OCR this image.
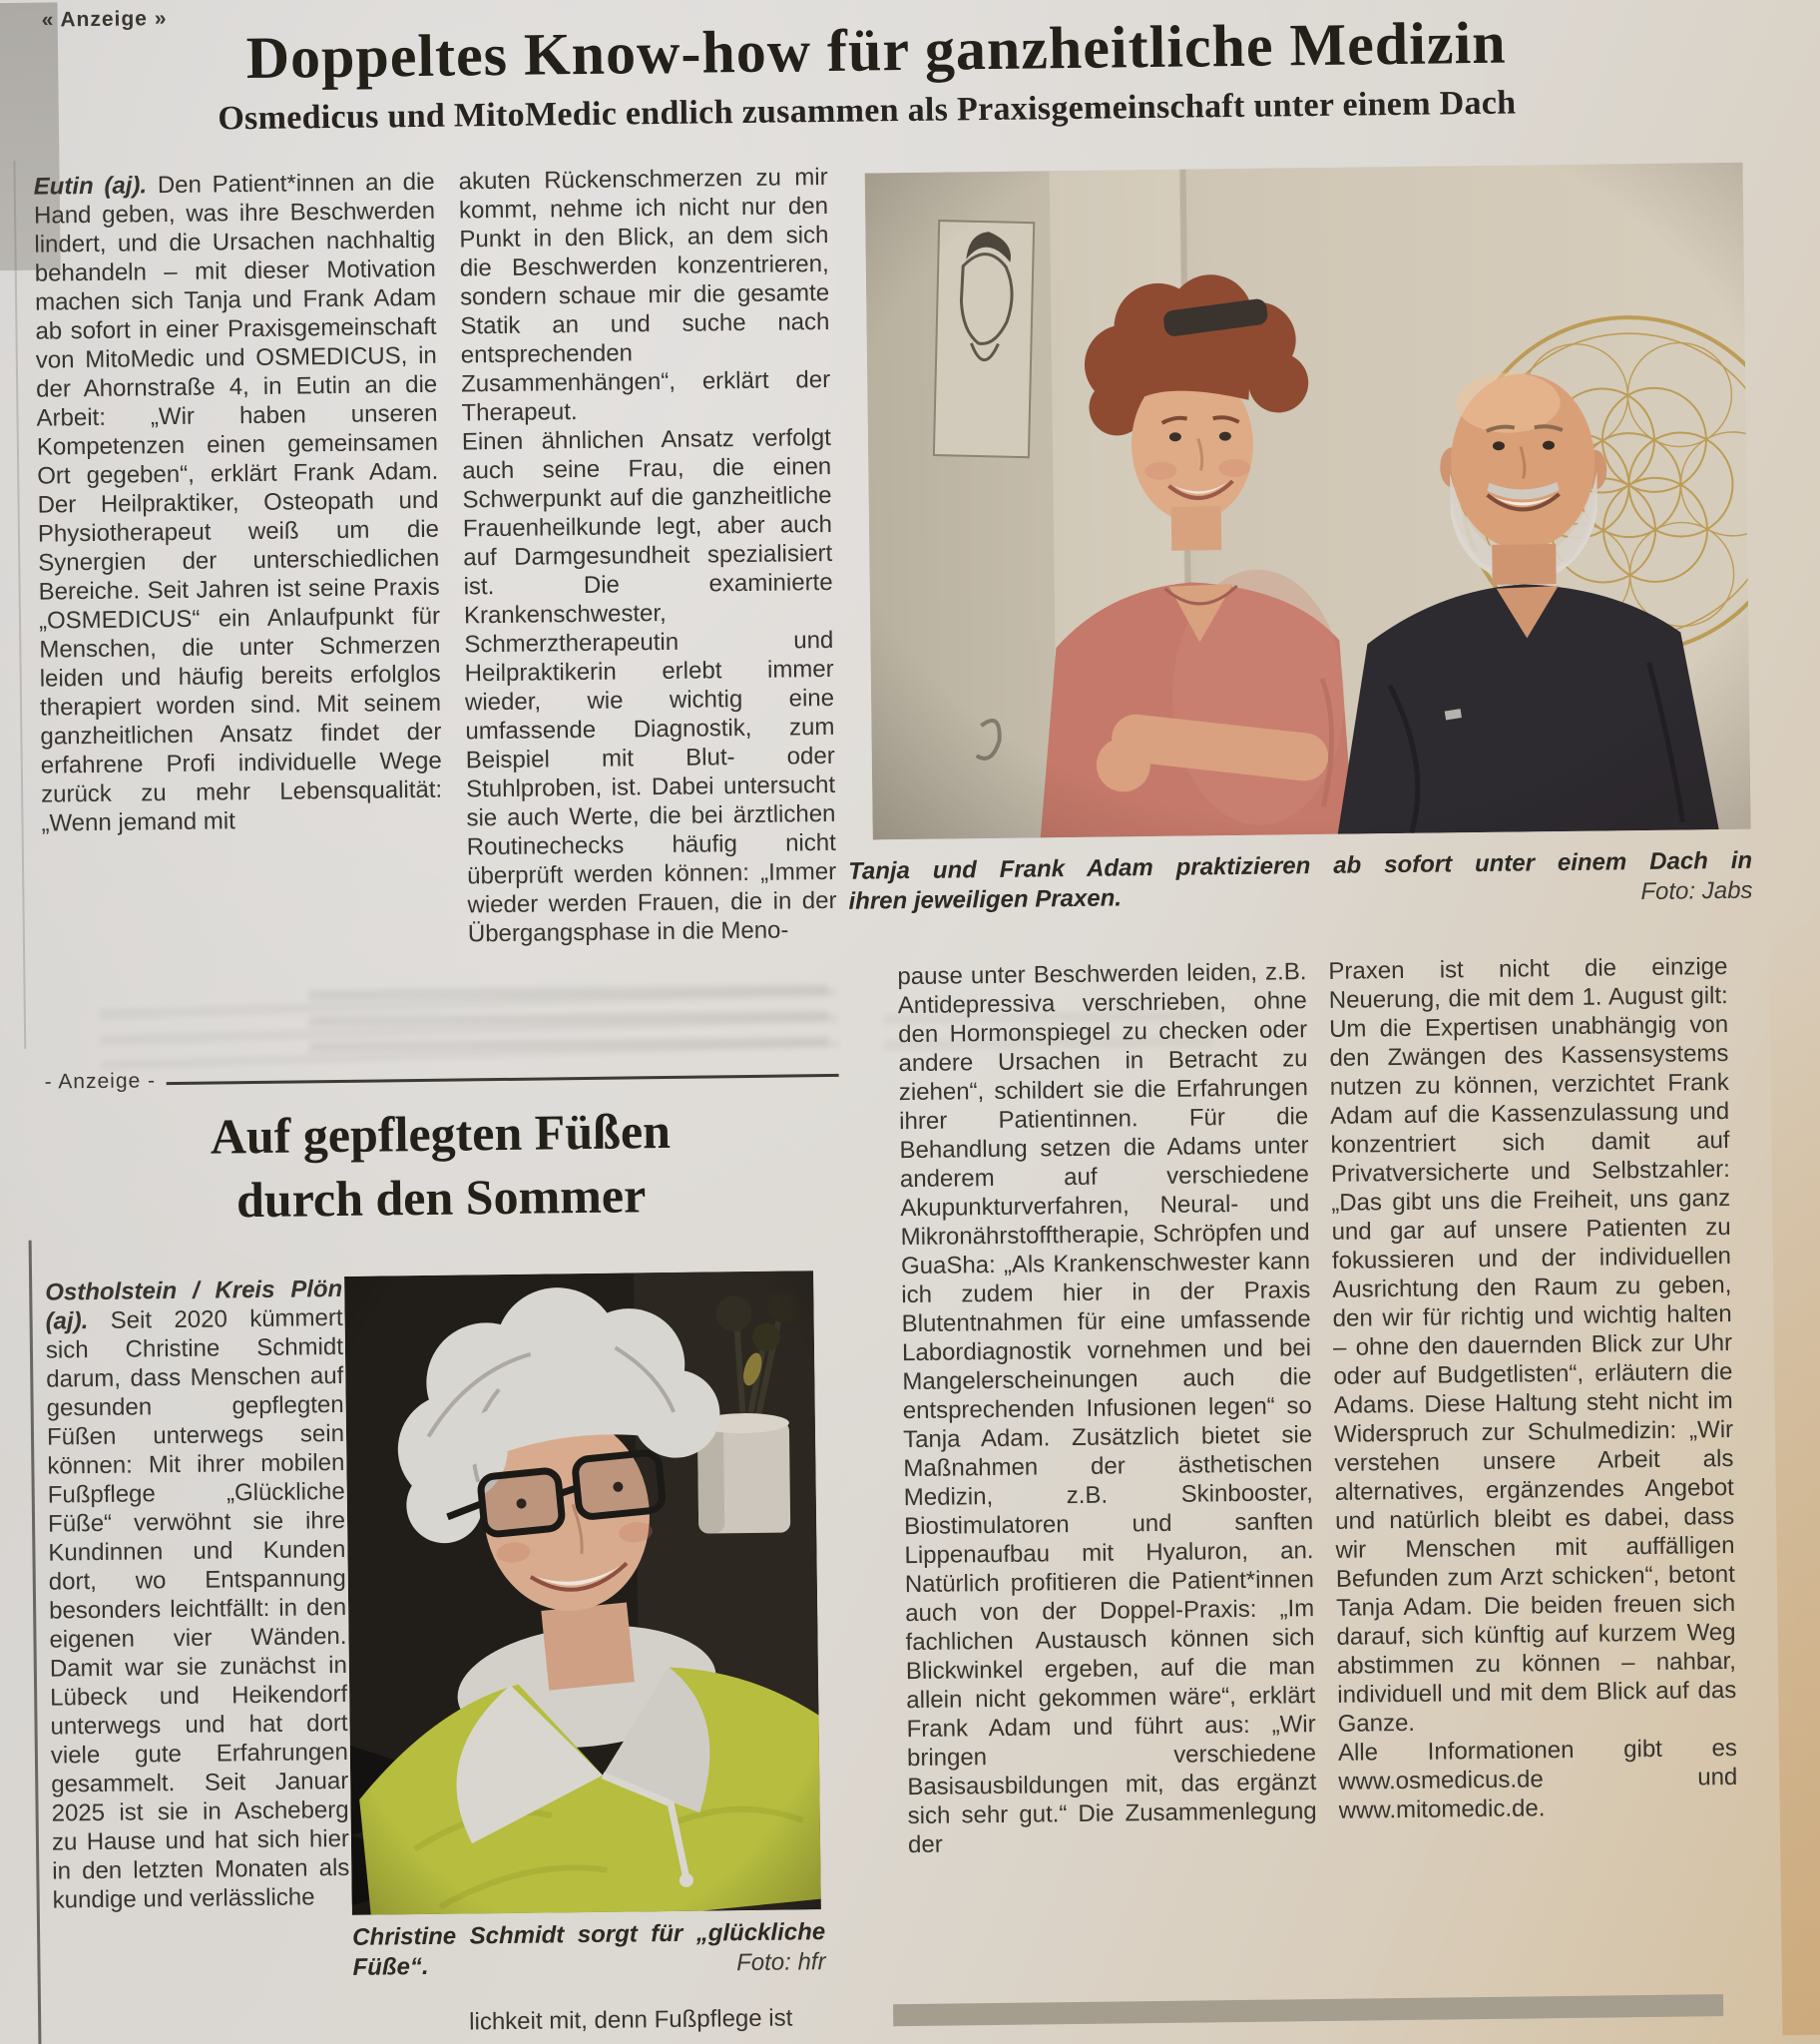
« Anzeige »	Doppeltes Know-how für ganzheitliche Medizin
Osmedicus und MitoMedic endlich zusammen als Praxisgemeinschaft unter einem Dach

Eutin (aj). Den Patient*innen an die Hand geben, was ihre Beschwerden lindert, und die Ursachen nachhaltig behandeln – mit dieser Motivation machen sich Tanja und Frank Adam ab sofort in einer Praxisgemeinschaft von MitoMedic und OSMEDICUS, in der Ahornstraße 4, in Eutin an die Arbeit: „Wir haben unseren Kompetenzen einen gemeinsamen Ort gegeben“, erklärt Frank Adam. Der Heilpraktiker, Osteopath und Physiotherapeut weiß um die Synergien der unterschiedlichen Bereiche. Seit Jahren ist seine Praxis „OSMEDICUS“ ein Anlaufpunkt für Menschen, die unter Schmerzen leiden und häufig bereits erfolglos therapiert worden sind. Mit seinem ganzheitlichen Ansatz findet der erfahrene Profi individuelle Wege zurück zu mehr Lebensqualität: „Wenn jemand mit

akuten Rückenschmerzen zu mir kommt, nehme ich nicht nur den Punkt in den Blick, an dem sich die Beschwerden konzentrieren, sondern schaue mir die gesamte Statik an und suche nach entsprechenden Zusammenhängen“, erklärt der Therapeut.
Einen ähnlichen Ansatz verfolgt auch seine Frau, die einen Schwerpunkt auf die ganzheitliche Frauenheilkunde legt, aber auch auf Darmgesundheit spezialisiert ist. Die examinierte Krankenschwester, Schmerztherapeutin und Heilpraktikerin erlebt immer wieder, wie wichtig eine umfassende Diagnostik, zum Beispiel mit Blut- oder Stuhlproben, ist. Dabei untersucht sie auch Werte, die bei ärztlichen Routinechecks häufig nicht überprüft werden können: „Immer wieder werden Frauen, die in der Übergangsphase in die Meno-

Tanja und Frank Adam praktizieren ab sofort unter einem Dach in
ihren jeweiligen Praxen.	Foto: Jabs

pause unter Beschwerden leiden, z.B. Antidepressiva verschrieben, ohne den Hormonspiegel zu checken oder andere Ursachen in Betracht zu ziehen“, schildert sie die Erfahrungen ihrer Patientinnen. Für die Behandlung setzen die Adams unter anderem auf verschiedene Akupunkturverfahren, Neural- und Mikronährstofftherapie, Schröpfen und GuaSha: „Als Krankenschwester kann ich zudem hier in der Praxis Blutentnahmen für eine umfassende Labordiagnostik vornehmen und bei Mangelerscheinungen auch die entsprechenden Infusionen legen“ so Tanja Adam. Zusätzlich bietet sie Maßnahmen der ästhetischen Medizin, z.B. Skinbooster, Biostimulatoren und sanften Lippenaufbau mit Hyaluron, an. Natürlich profitieren die Patient*innen auch von der Doppel-Praxis: „Im fachlichen Austausch können sich Blickwinkel ergeben, auf die man allein nicht gekommen wäre“, erklärt Frank Adam und führt aus: „Wir bringen verschiedene Basisausbildungen mit, das ergänzt sich sehr gut.“ Die Zusammenlegung der

Praxen ist nicht die einzige Neuerung, die mit dem 1. August gilt: Um die Expertisen unabhängig von den Zwängen des Kassensystems nutzen zu können, verzichtet Frank Adam auf die Kassenzulassung und konzentriert sich damit auf Privatversicherte und Selbstzahler: „Das gibt uns die Freiheit, uns ganz und gar auf unsere Patienten zu fokussieren und der individuellen Ausrichtung den Raum zu geben, den wir für richtig und wichtig halten – ohne den dauernden Blick zur Uhr oder auf Budgetlisten“, erläutern die Adams. Diese Haltung steht nicht im Widerspruch zur Schulmedizin: „Wir verstehen unsere Arbeit als alternatives, ergänzendes Angebot und natürlich bleibt es dabei, dass wir Menschen mit auffälligen Befunden zum Arzt schicken“, betont Tanja Adam. Die beiden freuen sich darauf, sich künftig auf kurzem Weg abstimmen zu können – nahbar, individuell und mit dem Blick auf das Ganze.
Alle Informationen gibt es www.osmedicus.de und www.mitomedic.de.

- Anzeige -
Auf gepflegten Füßen
durch den Sommer

Ostholstein / Kreis Plön (aj). Seit 2020 kümmert sich Christine Schmidt darum, dass Menschen auf gesunden gepflegten Füßen unterwegs sein können: Mit ihrer mobilen Fußpflege „Glückliche Füße“ verwöhnt sie ihre Kundinnen und Kunden dort, wo Entspannung besonders leichtfällt: in den eigenen vier Wänden. Damit war sie zunächst in Lübeck und Heikendorf unterwegs und hat dort viele gute Erfahrungen gesammelt. Seit Januar 2025 ist sie in Ascheberg zu Hause und hat sich hier in den letzten Monaten als kundige und verlässliche

Christine Schmidt sorgt für „glückliche
Füße“.	Foto: hfr
lichkeit mit, denn Fußpflege ist
